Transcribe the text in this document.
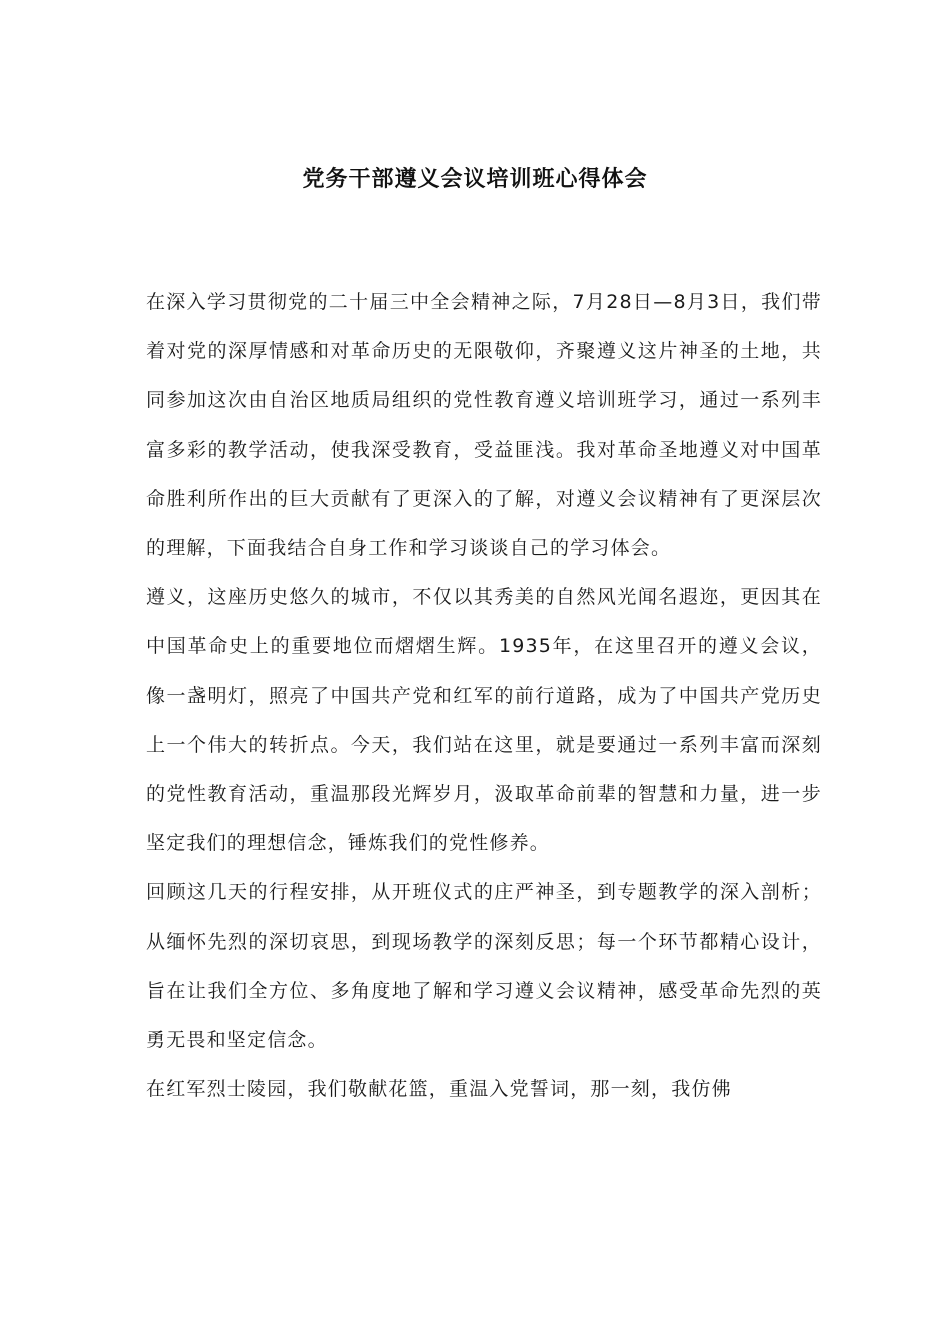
党务干部遵义会议培训班心得体会

在深入学习贯彻党的二十届三中全会精神之际，7月28日—8月3日，我们带着对党的深厚情感和对革命历史的无限敬仰，齐聚遵义这片神圣的土地，共同参加这次由自治区地质局组织的党性教育遵义培训班学习，通过一系列丰富多彩的教学活动，使我深受教育，受益匪浅。我对革命圣地遵义对中国革命胜利所作出的巨大贡献有了更深入的了解，对遵义会议精神有了更深层次的理解，下面我结合自身工作和学习谈谈自己的学习体会。

遵义，这座历史悠久的城市，不仅以其秀美的自然风光闻名遐迩，更因其在中国革命史上的重要地位而熠熠生辉。1935年，在这里召开的遵义会议，像一盏明灯，照亮了中国共产党和红军的前行道路，成为了中国共产党历史上一个伟大的转折点。今天，我们站在这里，就是要通过一系列丰富而深刻的党性教育活动，重温那段光辉岁月，汲取革命前辈的智慧和力量，进一步坚定我们的理想信念，锤炼我们的党性修养。

回顾这几天的行程安排，从开班仪式的庄严神圣，到专题教学的深入剖析；从缅怀先烈的深切哀思，到现场教学的深刻反思；每一个环节都精心设计，旨在让我们全方位、多角度地了解和学习遵义会议精神，感受革命先烈的英勇无畏和坚定信念。

在红军烈士陵园，我们敬献花篮，重温入党誓词，那一刻，我仿佛
